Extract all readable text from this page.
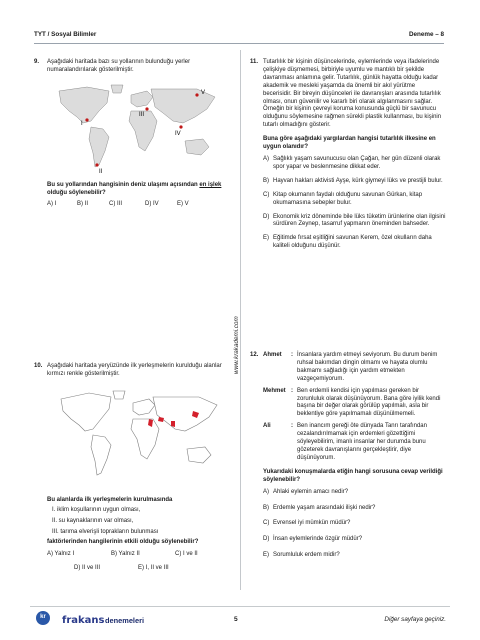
TYT / Sosyal Bilimler	Deneme – 8
www.krakademi.com
9. Aşağıdaki haritada bazı su yollarının bulunduğu yerler numaralandırılarak gösterilmiştir.
I
II
III
IV
V
Bu su yollarından hangisinin deniz ulaşımı açısından en işlek olduğu söylenebilir?
A) I	B) II	C) III	D) IV	E) V
10. Aşağıdaki haritada yeryüzünde ilk yerleşmelerin kurulduğu alanlar kırmızı renkle gösterilmiştir.
Bu alanlarda ilk yerleşmelerin kurulmasında
I. iklim koşullarının uygun olması,
II. su kaynaklarının var olması,
III. tarıma elverişli toprakların bulunması
faktörlerinden hangilerinin etkili olduğu söylenebilir?
A) Yalnız I	B) Yalnız II	C) I ve II
D) II ve III	E) I, II ve III
11. Tutarlılık bir kişinin düşüncelerinde, eylemlerinde veya ifadelerinde çelişkiye düşmemesi, birbiriyle uyumlu ve mantıklı bir şekilde davranması anlamına gelir. Tutarlılık, günlük hayatta olduğu kadar akademik ve mesleki yaşamda da önemli bir akıl yürütme becerisidir. Bir bireyin düşünceleri ile davranışları arasında tutarlılık olması, onun güvenilir ve kararlı biri olarak algılanmasını sağlar. Örneğin bir kişinin çevreyi koruma konusunda güçlü bir savunucu olduğunu söylemesine rağmen sürekli plastik kullanması, bu kişinin tutarlı olmadığını gösterir.
Buna göre aşağıdaki yargılardan hangisi tutarlılık ilkesine en uygun olanıdır?
A) Sağlıklı yaşam savunucusu olan Çağan, her gün düzenli olarak spor yapar ve beslenmesine dikkat eder.
B) Hayvan hakları aktivisti Ayşe, kürk giymeyi lüks ve prestijli bulur.
C) Kitap okumanın faydalı olduğunu savunan Gürkan, kitap okumamasına sebepler bulur.
D) Ekonomik kriz döneminde bile lüks tüketim ürünlerine olan ilgisini sürdüren Zeynep, tasarruf yapmanın öneminden bahseder.
E) Eğitimde fırsat eşitliğini savunan Kerem, özel okulların daha kaliteli olduğunu düşünür.
12. Ahmet	: İnsanlara yardım etmeyi seviyorum. Bu durum benim ruhsal bakımdan dingin olmamı ve hayata olumlu bakmamı sağladığı için yardım etmekten vazgeçemiyorum.
Mehmet : Ben erdemli kendisi için yapılması gereken bir zorunluluk olarak düşünüyorum. Bana göre iyilik kendi başına bir değer olarak görülüp yapılmalı, asla bir beklentiye göre yapılmamalı düşünülmemeli.
Ali	: Ben inancım gereği öte dünyada Tanrı tarafından cezalandırılmamak için erdemleri gözettiğimi söyleyebilirim, imanlı insanlar her durumda bunu gözeterek davranışlarını gerçekleştirir, diye düşünüyorum.
Yukarıdaki konuşmalarda etiğin hangi sorusuna cevap verildiği söylenebilir?
A) Ahlaki eylemin amacı nedir?
B) Erdemle yaşam arasındaki ilişki nedir?
C) Evrensel iyi mümkün müdür?
D) İnsan eylemlerinde özgür müdür?
E) Sorumluluk erdem midir?
kr	frakans denemeleri	5	Diğer sayfaya geçiniz.
